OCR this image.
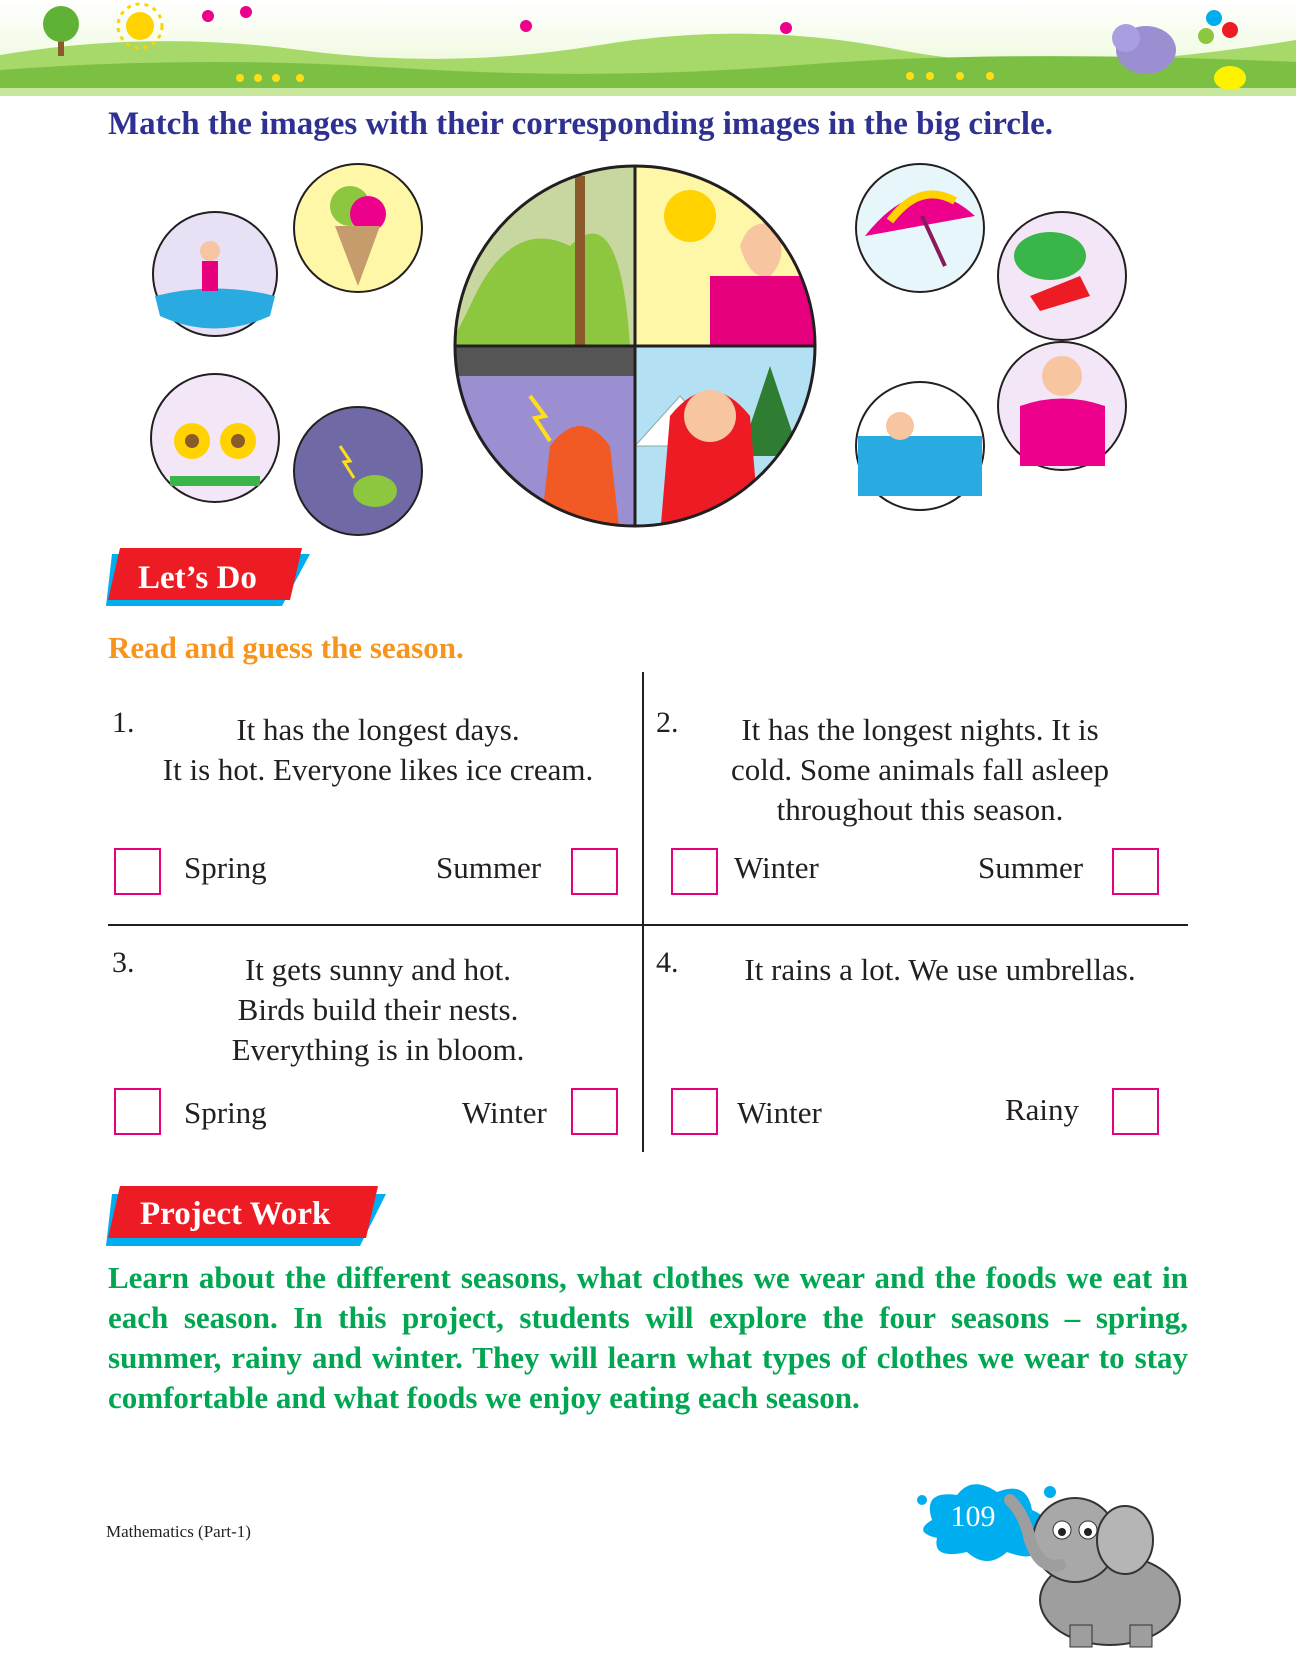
Match the images with their corresponding images in the big circle.
Let’s Do
Read and guess the season.
1.	It has the longest days.
It is hot. Everyone likes ice cream.
Spring	Summer
2.	It has the longest nights. It is
cold. Some animals fall asleep
throughout this season.
Winter	Summer
3.	It gets sunny and hot.
Birds build their nests.
Everything is in bloom.
Spring	Winter
4.	It rains a lot. We use umbrellas.
Winter	Rainy
Project Work
Learn about the different seasons, what clothes we wear and the foods we eat in each season. In this project, students will explore the four seasons – spring, summer, rainy and winter. They will learn what types of clothes we wear to stay comfortable and what foods we enjoy eating each season.
Mathematics (Part-1)	109
